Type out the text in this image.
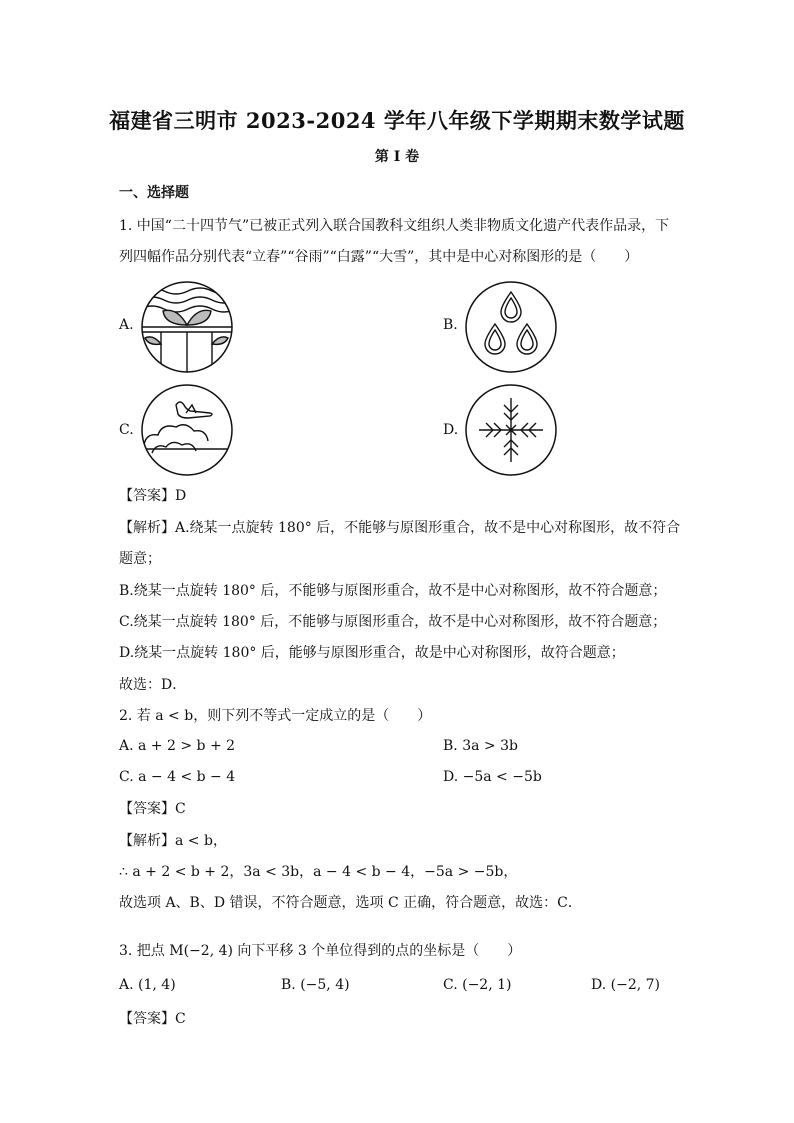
福建省三明市 2023-2024 学年八年级下学期期末数学试题
第 I 卷
一、选择题
1. 中国“二十四节气”已被正式列入联合国教科文组织人类非物质文化遗产代表作品录，下
列四幅作品分别代表“立春”“谷雨”“白露”“大雪”，其中是中心对称图形的是（　　）
A.	B.
C.	D.
【答案】D
【解析】A.绕某一点旋转 180° 后，不能够与原图形重合，故不是中心对称图形，故不符合
题意；
B.绕某一点旋转 180° 后，不能够与原图形重合，故不是中心对称图形，故不符合题意；
C.绕某一点旋转 180° 后，不能够与原图形重合，故不是中心对称图形，故不符合题意；
D.绕某一点旋转 180° 后，能够与原图形重合，故是中心对称图形，故符合题意；
故选：D．
2. 若 a < b，则下列不等式一定成立的是（　　）
A. a + 2 > b + 2	B. 3a > 3b
C. a − 4 < b − 4	D. −5a < −5b
【答案】C
【解析】a < b，
∴ a + 2 < b + 2，3a < 3b，a − 4 < b − 4，−5a > −5b，
故选项 A、B、D 错误，不符合题意，选项 C 正确，符合题意，故选：C．
3. 把点 M(−2, 4) 向下平移 3 个单位得到的点的坐标是（　　）
A. (1, 4)	B. (−5, 4)	C. (−2, 1)	D. (−2, 7)
【答案】C
